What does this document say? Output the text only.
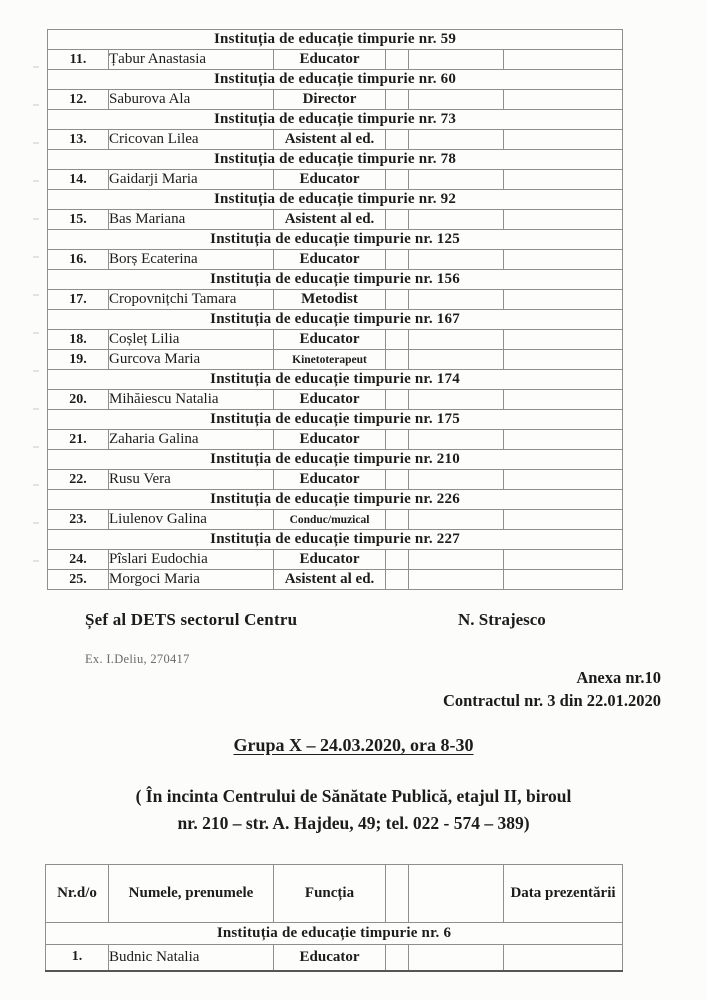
Instituția de educație timpurie nr. 59					
11.	Țabur Anastasia	Educator			
Instituția de educație timpurie nr. 60					
12.	Saburova Ala	Director			
Instituția de educație timpurie nr. 73					
13.	Cricovan Lilea	Asistent al ed.			
Instituția de educație timpurie nr. 78					
14.	Gaidarji Maria	Educator			
Instituția de educație timpurie nr. 92					
15.	Bas Mariana	Asistent al ed.			
Instituția de educație timpurie nr. 125					
16.	Borș Ecaterina	Educator			
Instituția de educație timpurie nr. 156					
17.	Cropovnițchi Tamara	Metodist			
Instituția de educație timpurie nr. 167					
18.	Coșleț Lilia	Educator			
19.	Gurcova Maria	Kinetoterapeut			
Instituția de educație timpurie nr. 174					
20.	Mihăiescu Natalia	Educator			
Instituția de educație timpurie nr. 175					
21.	Zaharia Galina	Educator			
Instituția de educație timpurie nr. 210					
22.	Rusu Vera	Educator			
Instituția de educație timpurie nr. 226					
23.	Liulenov Galina	Conduc/muzical			
Instituția de educație timpurie nr. 227					
24.	Pîslari Eudochia	Educator			
25.	Morgoci Maria	Asistent al ed.			
Șef al DETS sectorul Centru	N. Strajesco
Ex. I.Deliu, 270417
Anexa nr.10
Contractul nr. 3 din 22.01.2020
Grupa X – 24.03.2020, ora 8-30
( În incinta Centrului de Sănătate Publică, etajul II, biroul
nr. 210 – str. A. Hajdeu, 49; tel. 022 - 574 – 389)
Nr.d/o	Numele, prenumele	Funcția			Data prezentării
Instituția de educație timpurie nr. 6					
1.	Budnic Natalia	Educator			
